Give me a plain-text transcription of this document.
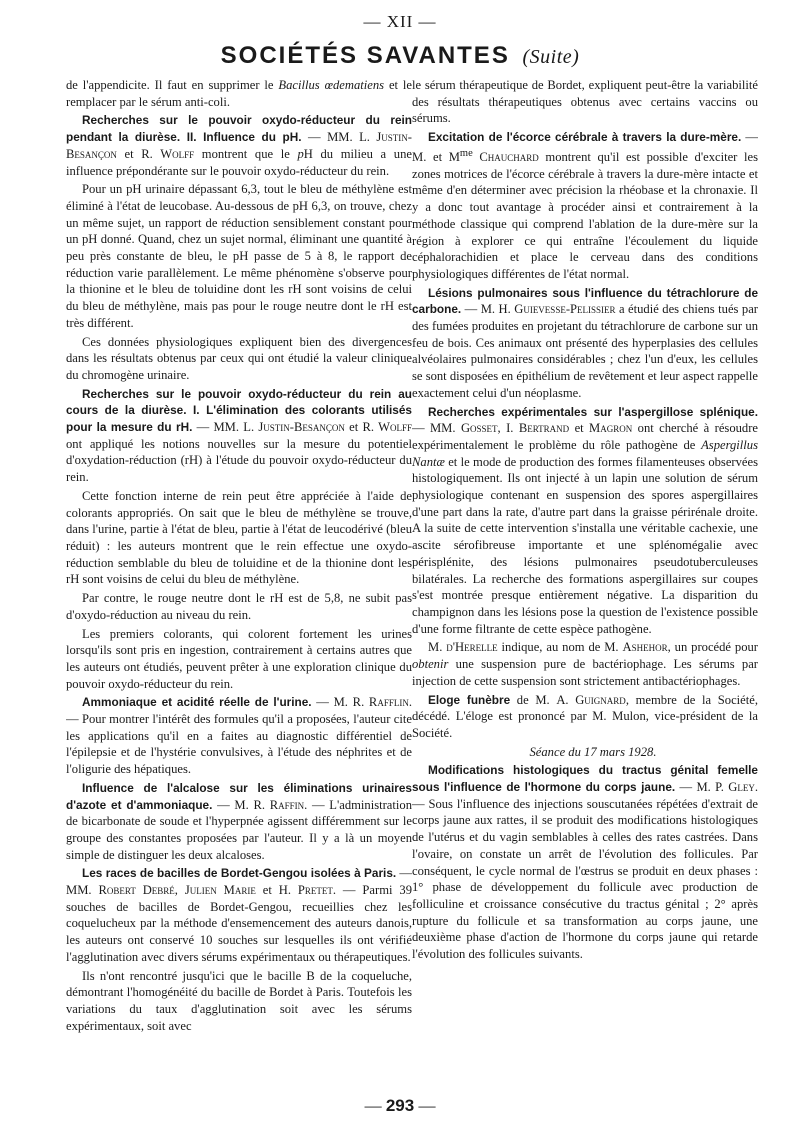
— XII —
SOCIÉTÉS SAVANTES (Suite)

de l'appendicite. Il faut en supprimer le Bacillus œdematiens et le remplacer par le sérum anti-coli.

Recherches sur le pouvoir oxydo-réducteur du rein pendant la diurèse. II. Influence du pH. — MM. L. Justin-Besançon et R. Wolff montrent que le pH du milieu a une influence prépondérante sur le pouvoir oxydo-réducteur du rein.

Pour un pH urinaire dépassant 6,3, tout le bleu de méthylène est éliminé à l'état de leucobase. Au-dessous de pH 6,3, on trouve, chez un même sujet, un rapport de réduction sensiblement constant pour un pH donné. Quand, chez un sujet normal, éliminant une quantité à peu près constante de bleu, le pH passe de 5 à 8, le rapport de réduction varie parallèlement. Le même phénomène s'observe pour la thionine et le bleu de toluidine dont les rH sont voisins de celui du bleu de méthylène, mais pas pour le rouge neutre dont le rH est très différent.

Ces données physiologiques expliquent bien des divergences dans les résultats obtenus par ceux qui ont étudié la valeur clinique du chromogène urinaire.

Recherches sur le pouvoir oxydo-réducteur du rein au cours de la diurèse. I. L'élimination des colorants utilisés pour la mesure du rH. — MM. L. Justin-Besançon et R. Wolff ont appliqué les notions nouvelles sur la mesure du potentiel d'oxydation-réduction (rH) à l'étude du pouvoir oxydo-réducteur du rein.

Cette fonction interne de rein peut être appréciée à l'aide de colorants appropriés. On sait que le bleu de méthylène se trouve, dans l'urine, partie à l'état de bleu, partie à l'état de leucodérivé (bleu réduit) : les auteurs montrent que le rein effectue une oxydo-réduction semblable du bleu de toluidine et de la thionine dont les rH sont voisins de celui du bleu de méthylène.

Par contre, le rouge neutre dont le rH est de 5,8, ne subit pas d'oxydo-réduction au niveau du rein.

Les premiers colorants, qui colorent fortement les urines lorsqu'ils sont pris en ingestion, contrairement à certains autres que les auteurs ont étudiés, peuvent prêter à une exploration clinique du pouvoir oxydo-réducteur du rein.

Ammoniaque et acidité réelle de l'urine. — M. R. Rafflin. — Pour montrer l'intérêt des formules qu'il a proposées, l'auteur cite les applications qu'il en a faites au diagnostic différentiel de l'épilepsie et de l'hystérie convulsives, à l'étude des néphrites et de l'oligurie des hépatiques.

Influence de l'alcalose sur les éliminations urinaires d'azote et d'ammoniaque. — M. R. Raffin. — L'administration de bicarbonate de soude et l'hyperpnée agissent différemment sur le groupe des constantes proposées par l'auteur. Il y a là un moyen simple de distinguer les deux alcaloses.

Les races de bacilles de Bordet-Gengou isolées à Paris. — MM. Robert Debré, Julien Marie et H. Pretet. — Parmi 39 souches de bacilles de Bordet-Gengou, recueillies chez les coquelucheux par la méthode d'ensemencement des auteurs danois, les auteurs ont conservé 10 souches sur lesquelles ils ont vérifié l'agglutination avec divers sérums expérimentaux ou thérapeutiques.

Ils n'ont rencontré jusqu'ici que le bacille B de la coqueluche, démontrant l'homogénéité du bacille de Bordet à Paris. Toutefois les variations du taux d'agglutination soit avec les sérums expérimentaux, soit avec

le sérum thérapeutique de Bordet, expliquent peut-être la variabilité des résultats thérapeutiques obtenus avec certains vaccins ou sérums.

Excitation de l'écorce cérébrale à travers la dure-mère. — M. et $M^{me}$ Chauchard montrent qu'il est possible d'exciter les zones motrices de l'écorce cérébrale à travers la dure-mère intacte et même d'en déterminer avec précision la rhéobase et la chronaxie. Il y a donc tout avantage à procéder ainsi et contrairement à la méthode classique qui comprend l'ablation de la dure-mère sur la région à explorer ce qui entraîne l'écoulement du liquide céphalorachidien et place le cerveau dans des conditions physiologiques différentes de l'état normal.

Lésions pulmonaires sous l'influence du tétrachlorure de carbone. — M. H. Guievesse-Pelissier a étudié des chiens tués par des fumées produites en projetant du tétrachlorure de carbone sur un feu de bois. Ces animaux ont présenté des hyperplasies des cellules alvéolaires pulmonaires considérables ; chez l'un d'eux, les cellules se sont disposées en épithélium de revêtement et leur aspect rappelle exactement celui d'un néoplasme.

Recherches expérimentales sur l'aspergillose splénique. — MM. Gosset, I. Bertrand et Magron ont cherché à résoudre expérimentalement le problème du rôle pathogène de Aspergillus Nantæ et le mode de production des formes filamenteuses observées histologiquement. Ils ont injecté à un lapin une solution de sérum physiologique contenant en suspension des spores aspergillaires d'une part dans la rate, d'autre part dans la graisse périrénale droite. A la suite de cette intervention s'installa une véritable cachexie, une ascite sérofibreuse importante et une splénomégalie avec périsplénite, des lésions pulmonaires pseudotuberculeuses bilatérales. La recherche des formations aspergillaires sur coupes s'est montrée presque entièrement négative. La disparition du champignon dans les lésions pose la question de l'existence possible d'une forme filtrante de cette espèce pathogène.

M. d'Herelle indique, au nom de M. Ashehor, un procédé pour obtenir une suspension pure de bactériophage. Les sérums par injection de cette suspension sont strictement antibactériophages.

Eloge funèbre de M. A. Guignard, membre de la Société, décédé. L'éloge est prononcé par M. Mulon, vice-président de la Société.

Séance du 17 mars 1928.

Modifications histologiques du tractus génital femelle sous l'influence de l'hormone du corps jaune. — M. P. Gley. — Sous l'influence des injections souscutanées répétées d'extrait de corps jaune aux rattes, il se produit des modifications histologiques de l'utérus et du vagin semblables à celles des rates castrées. Dans l'ovaire, on constate un arrêt de l'évolution des follicules. Par conséquent, le cycle normal de l'œstrus se produit en deux phases : 1° phase de développement du follicule avec production de folliculine et croissance consécutive du tractus génital ; 2° après rupture du follicule et sa transformation au corps jaune, une deuxième phase d'action de l'hormone du corps jaune qui retarde l'évolution des follicules suivants.

— 293 —
